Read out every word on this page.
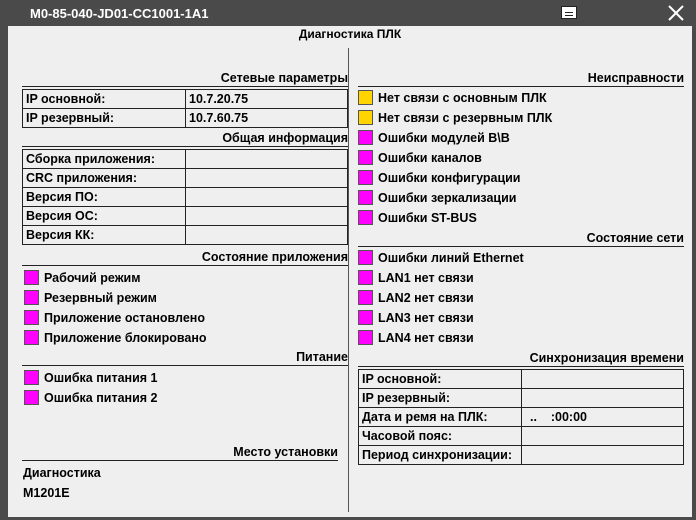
M0-85-040-JD01-CC1001-1A1
Диагностика ПЛК
Сетевые параметры
IP основной:	10.7.20.75
IP резервный:	10.7.60.75
Общая информация
Сборка приложения:	
CRC приложения:	
Версия ПО:	
Версия ОС:	
Версия КК:	
Состояние приложения
Рабочий режим
Резервный режим
Приложение остановлено
Приложение блокировано
Питание
Ошибка питания 1
Ошибка питания 2
Место установки
Диагностика
M1201E
Неисправности
Нет связи с основным ПЛК
Нет связи с резервным ПЛК
Ошибки модулей В\В
Ошибки каналов
Ошибки конфигурации
Ошибки зеркализации
Ошибки ST-BUS
Состояние сети
Ошибки линий Ethernet
LAN1 нет связи
LAN2 нет связи
LAN3 нет связи
LAN4 нет связи
Синхронизация времени
IP основной:	
IP резервный:	
Дата и ремя на ПЛК:	..    :00:00
Часовой пояс:	
Период синхронизации:	
